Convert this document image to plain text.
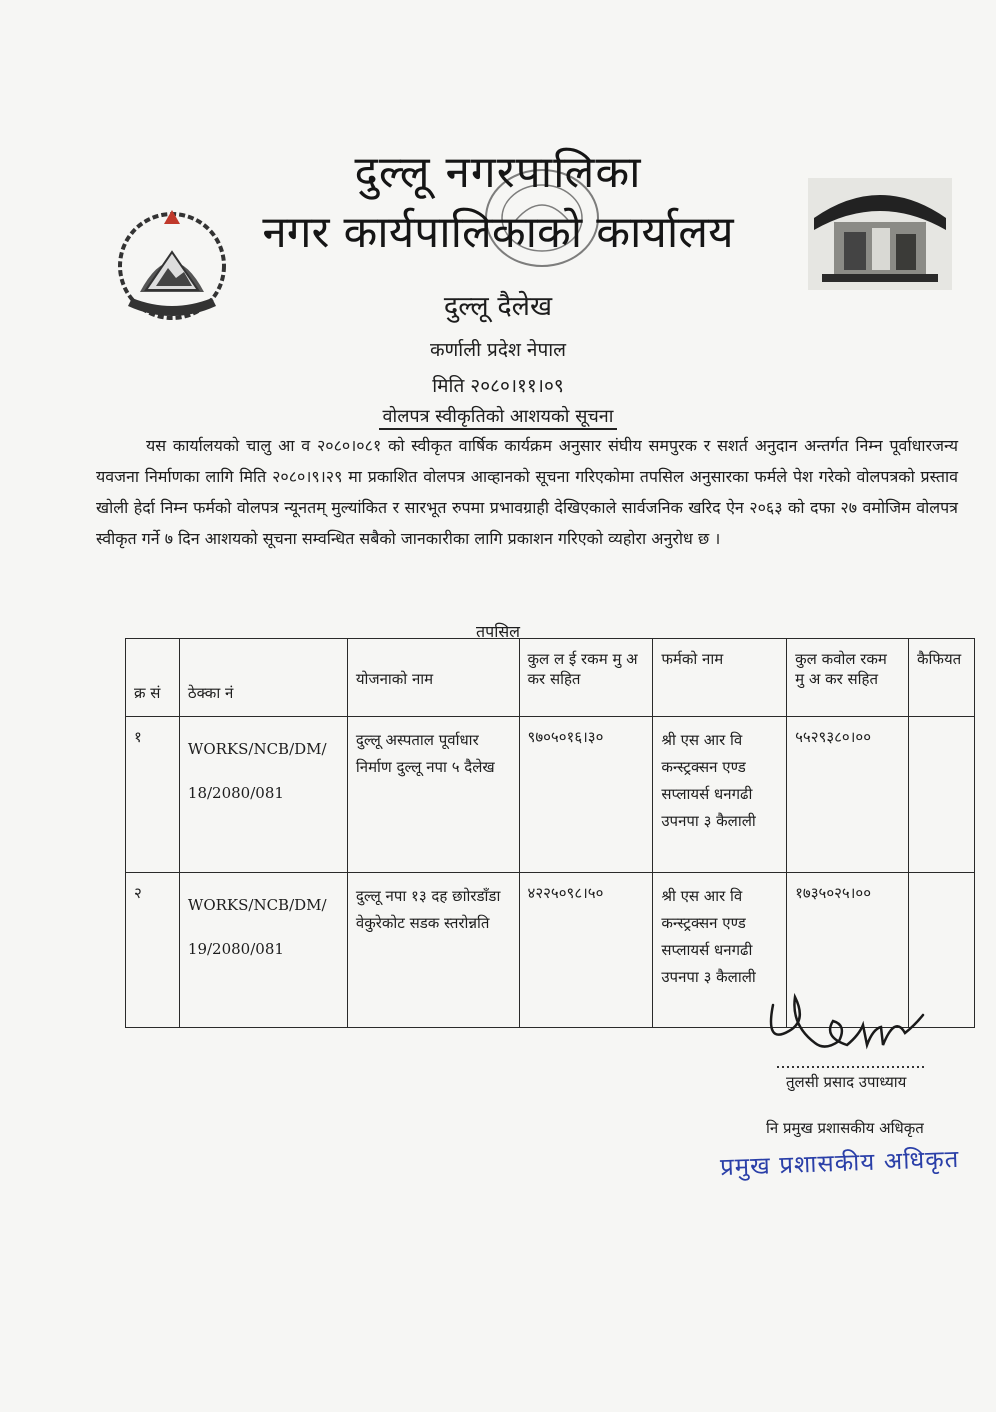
दुल्लू नगरपालिका
नगर कार्यपालिकाको कार्यालय
दुल्लू दैलेख
कर्णाली प्रदेश नेपाल
मिति २०८०।११।०९
वोलपत्र स्वीकृतिको आशयको सूचना

यस कार्यालयको चालु आ व २०८०।०८१ को स्वीकृत वार्षिक कार्यक्रम अनुसार संघीय समपुरक र सशर्त अनुदान अन्तर्गत निम्न पूर्वाधारजन्य यवजना निर्माणका लागि मिति २०८०।९।२९ मा प्रकाशित वोलपत्र आव्हानको सूचना गरिएकोमा तपसिल अनुसारका फर्मले पेश गरेको वोलपत्रको प्रस्ताव खोली हेर्दा निम्न फर्मको वोलपत्र न्यूनतम् मुल्यांकित र सारभूत रुपमा प्रभावग्राही देखिएकाले सार्वजनिक खरिद ऐन २०६३ को दफा २७ वमोजिम वोलपत्र स्वीकृत गर्ने ७ दिन आशयको सूचना सम्वन्धित सबैको जानकारीका लागि प्रकाशन गरिएको व्यहोरा अनुरोध छ ।

तपसिल
क्र सं	ठेक्का नं	योजनाको नाम	कुल ल ई रकम मु अ कर सहित	फर्मको नाम	कुल कवोल रकम मु अ कर सहित	कैफियत
१	WORKS/NCB/DM/ 18/2080/081	दुल्लू अस्पताल पूर्वाधार निर्माण दुल्लू नपा ५ दैलेख	९७०५०१६।३०	श्री एस आर वि कन्स्ट्रक्सन एण्ड सप्लायर्स धनगढी उपनपा ३ कैलाली	५५२९३८०।००	
२	WORKS/NCB/DM/ 19/2080/081	दुल्लू नपा १३ दह छाोरडाँडा वेकुरेकोट सडक स्तरोन्नति	४२२५०९८।५०	श्री एस आर वि कन्स्ट्रक्सन एण्ड सप्लायर्स धनगढी उपनपा ३ कैलाली	१७३५०२५।००	
तुलसी प्रसाद उपाध्याय
नि प्रमुख प्रशासकीय अधिकृत
प्रमुख प्रशासकीय अधिकृत
